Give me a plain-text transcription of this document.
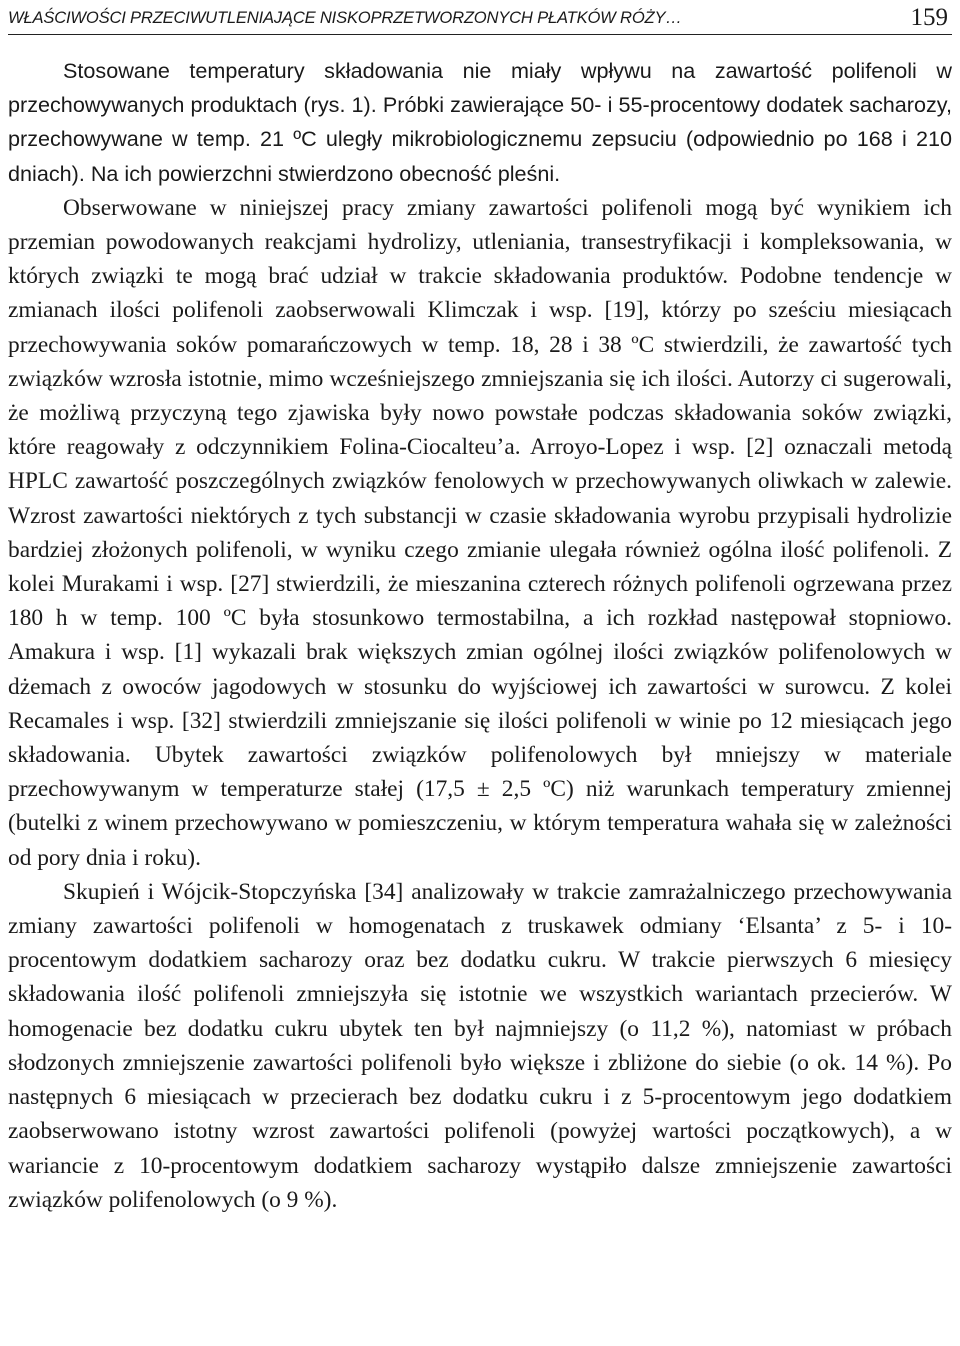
WŁAŚCIWOŚCI PRZECIWUTLENIAJĄCE NISKOPRZETWORZONYCH PŁATKÓW RÓŻY…	159

Stosowane temperatury składowania nie miały wpływu na zawartość polifenoli w przechowywanych produktach (rys. 1). Próbki zawierające 50- i 55-procentowy dodatek sacharozy, przechowywane w temp. 21 ºC uległy mikrobiologicznemu zepsuciu (odpowiednio po 168 i 210 dniach). Na ich powierzchni stwierdzono obecność pleśni.

Obserwowane w niniejszej pracy zmiany zawartości polifenoli mogą być wynikiem ich przemian powodowanych reakcjami hydrolizy, utleniania, transestryfikacji i kompleksowania, w których związki te mogą brać udział w trakcie składowania produktów. Podobne tendencje w zmianach ilości polifenoli zaobserwowali Klimczak i wsp. [19], którzy po sześciu miesiącach przechowywania soków pomarańczowych w temp. 18, 28 i 38 ºC stwierdzili, że zawartość tych związków wzrosła istotnie, mimo wcześniejszego zmniejszania się ich ilości. Autorzy ci sugerowali, że możliwą przyczyną tego zjawiska były nowo powstałe podczas składowania soków związki, które reagowały z odczynnikiem Folina-Ciocalteu’a. Arroyo-Lopez i wsp. [2] oznaczali metodą HPLC zawartość poszczególnych związków fenolowych w przechowywanych oliwkach w zalewie. Wzrost zawartości niektórych z tych substancji w czasie składowania wyrobu przypisali hydrolizie bardziej złożonych polifenoli, w wyniku czego zmianie ulegała również ogólna ilość polifenoli. Z kolei Murakami i wsp. [27] stwierdzili, że mieszanina czterech różnych polifenoli ogrzewana przez 180 h w temp. 100 ºC była stosunkowo termostabilna, a ich rozkład następował stopniowo. Amakura i wsp. [1] wykazali brak większych zmian ogólnej ilości związków polifenolowych w dżemach z owoców jagodowych w stosunku do wyjściowej ich zawartości w surowcu. Z kolei Recamales i wsp. [32] stwierdzili zmniejszanie się ilości polifenoli w winie po 12 miesiącach jego składowania. Ubytek zawartości związków polifenolowych był mniejszy w materiale przechowywanym w temperaturze stałej (17,5 ± 2,5 ºC) niż warunkach temperatury zmiennej (butelki z winem przechowywano w pomieszczeniu, w którym temperatura wahała się w zależności od pory dnia i roku).

Skupień i Wójcik-Stopczyńska [34] analizowały w trakcie zamrażalniczego przechowywania zmiany zawartości polifenoli w homogenatach z truskawek odmiany ‘Elsanta’ z 5- i 10-procentowym dodatkiem sacharozy oraz bez dodatku cukru. W trakcie pierwszych 6 miesięcy składowania ilość polifenoli zmniejszyła się istotnie we wszystkich wariantach przecierów. W homogenacie bez dodatku cukru ubytek ten był najmniejszy (o 11,2 %), natomiast w próbach słodzonych zmniejszenie zawartości polifenoli było większe i zbliżone do siebie (o ok. 14 %). Po następnych 6 miesiącach w przecierach bez dodatku cukru i z 5-procentowym jego dodatkiem zaobserwowano istotny wzrost zawartości polifenoli (powyżej wartości początkowych), a w wariancie z 10-procentowym dodatkiem sacharozy wystąpiło dalsze zmniejszenie zawartości związków polifenolowych (o 9 %).
